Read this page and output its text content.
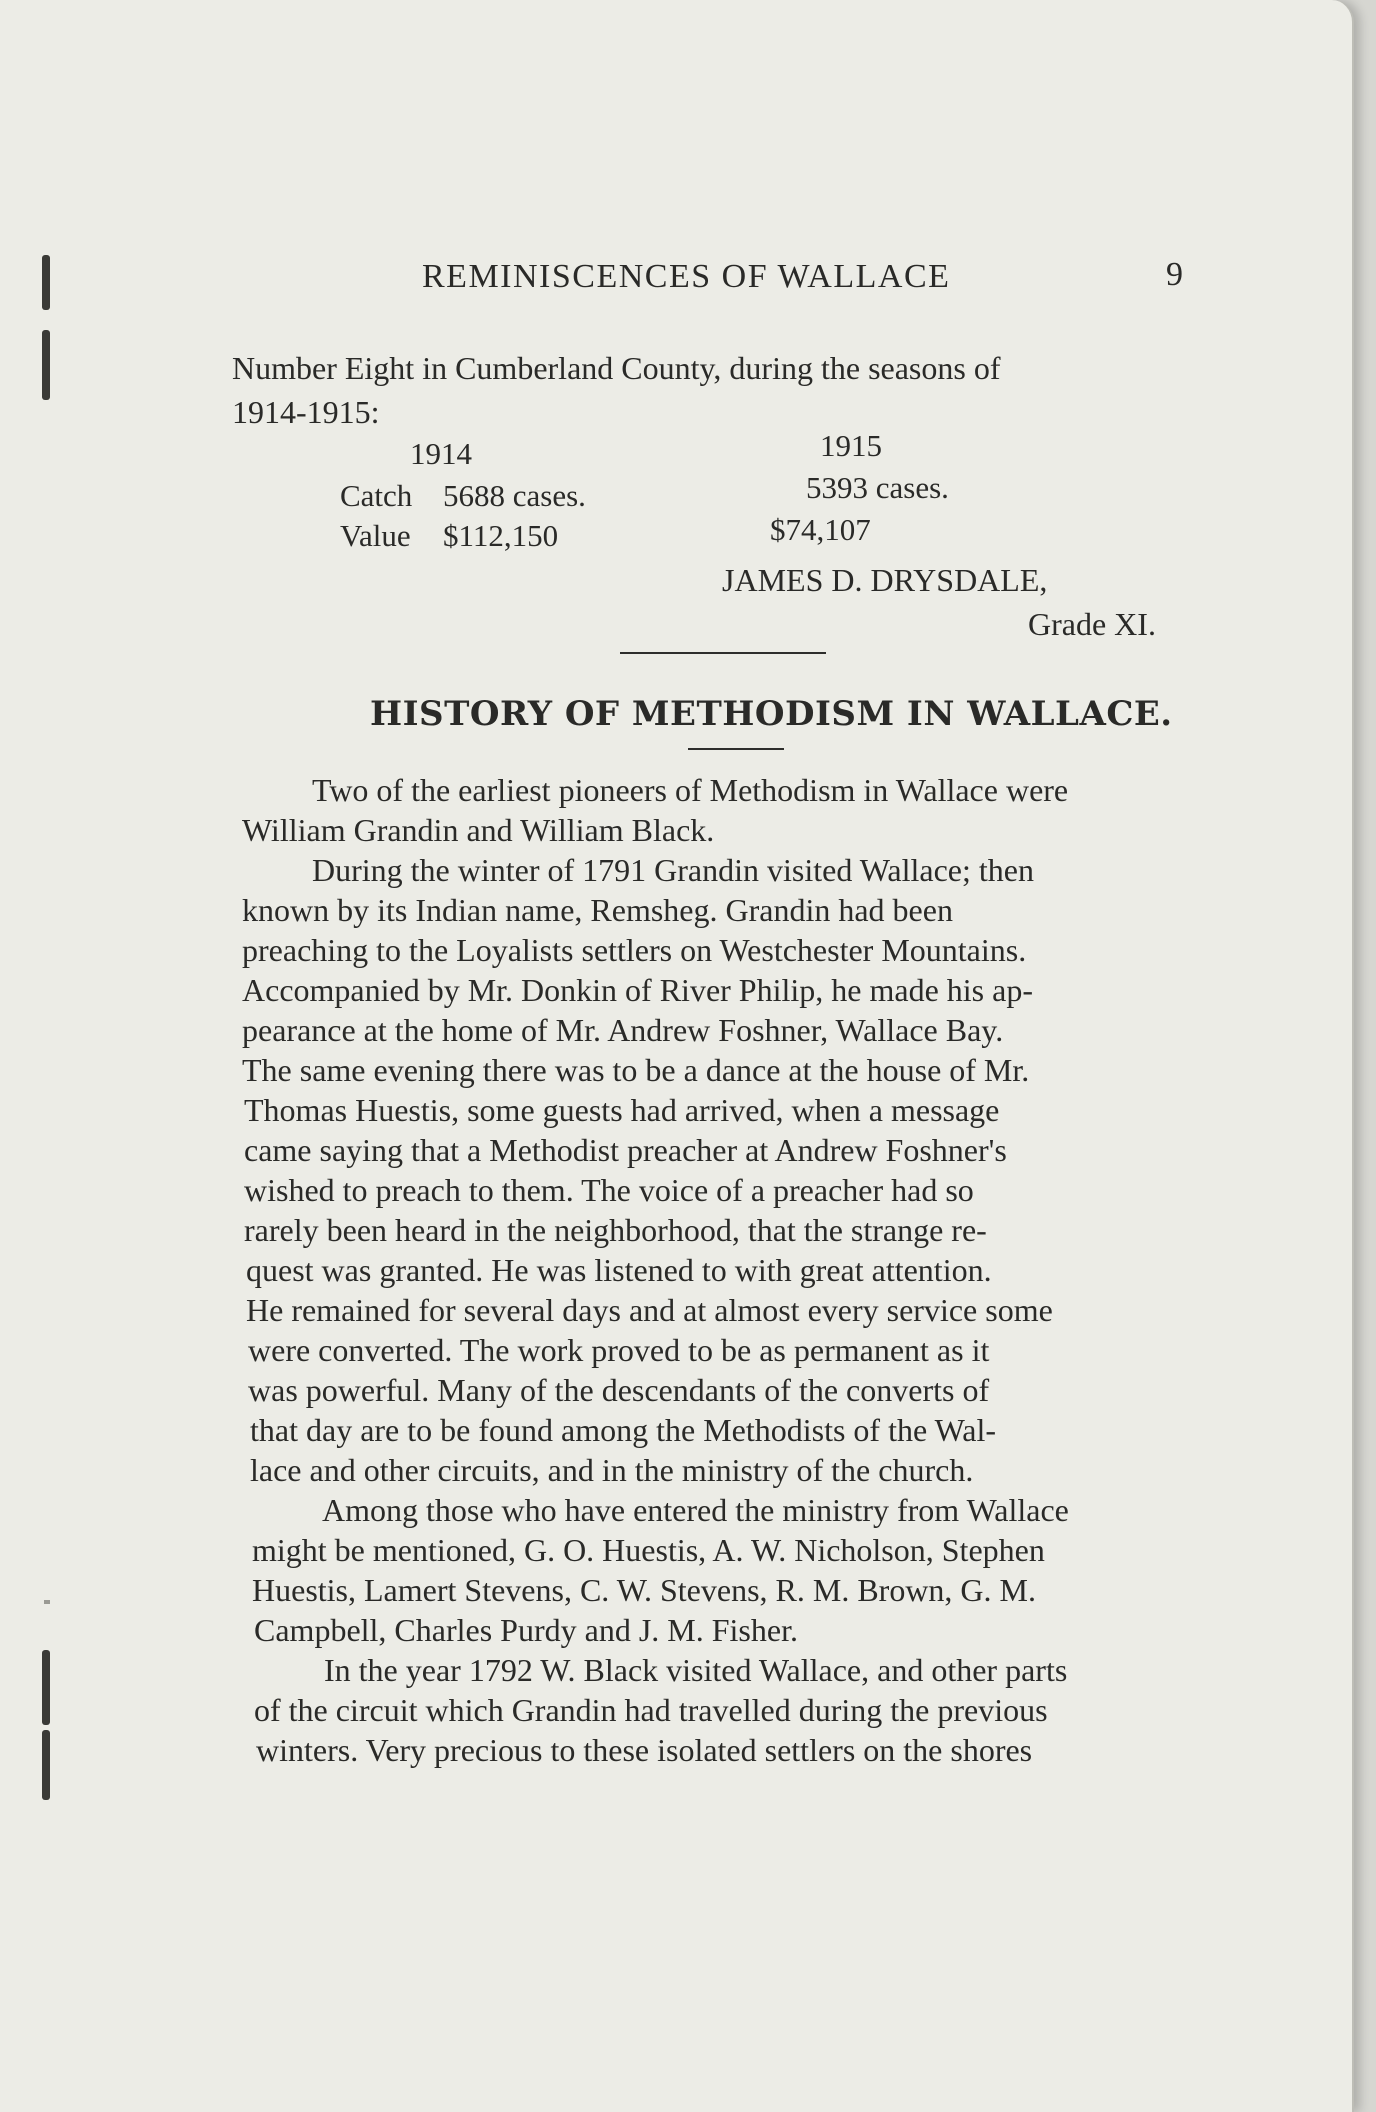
REMINISCENCES OF WALLACE	9
Number Eight in Cumberland County, during the seasons of
1914-1915:
1914	1915
Catch 5688 cases.	5393 cases.
Value $112,150	$74,107
JAMES D. DRYSDALE,
Grade XI.
HISTORY OF METHODISM IN WALLACE.
Two of the earliest pioneers of Methodism in Wallace were
William Grandin and William Black.
During the winter of 1791 Grandin visited Wallace; then
known by its Indian name, Remsheg. Grandin had been
preaching to the Loyalists settlers on Westchester Mountains.
Accompanied by Mr. Donkin of River Philip, he made his ap-
pearance at the home of Mr. Andrew Foshner, Wallace Bay.
The same evening there was to be a dance at the house of Mr.
Thomas Huestis, some guests had arrived, when a message
came saying that a Methodist preacher at Andrew Foshner's
wished to preach to them. The voice of a preacher had so
rarely been heard in the neighborhood, that the strange re-
quest was granted. He was listened to with great attention.
He remained for several days and at almost every service some
were converted. The work proved to be as permanent as it
was powerful. Many of the descendants of the converts of
that day are to be found among the Methodists of the Wal-
lace and other circuits, and in the ministry of the church.
Among those who have entered the ministry from Wallace
might be mentioned, G. O. Huestis, A. W. Nicholson, Stephen
Huestis, Lamert Stevens, C. W. Stevens, R. M. Brown, G. M.
Campbell, Charles Purdy and J. M. Fisher.
In the year 1792 W. Black visited Wallace, and other parts
of the circuit which Grandin had travelled during the previous
winters. Very precious to these isolated settlers on the shores
